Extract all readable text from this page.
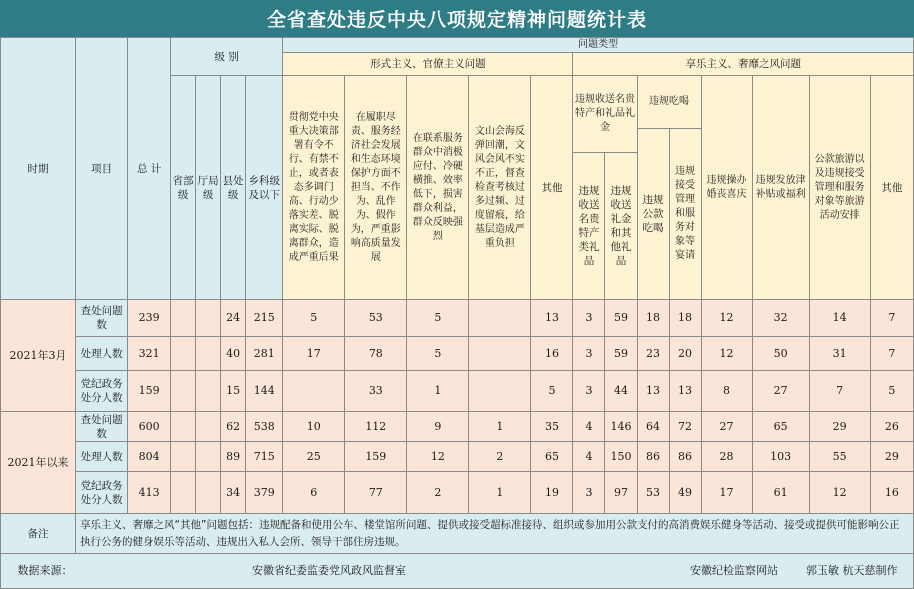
全省查处违反中央八项规定精神问题统计表
时期	项目	总 计	级 别				问题类型												
							形式主义、官僚主义问题					享乐主义、奢靡之风问题							
			省部级	厅局级	县处级	乡科级及以下	贯彻党中央重大决策部署有令不行、有禁不止，或者表态多调门高、行动少落实差、脱离实际、脱离群众，造成严重后果	在履职尽责、服务经济社会发展和生态环境保护方面不担当、不作为、乱作为、假作为，严重影响高质量发展	在联系服务群众中消极应付、冷硬横推、效率低下，损害群众利益，群众反映强烈	文山会海反弹回潮，文风会风不实不正，督查检查考核过多过频、过度留痕，给基层造成严重负担	其他	违规收送名贵特产和礼品礼金		违规吃喝		违规操办婚丧喜庆	违规发放津补贴或福利	公款旅游以及违规接受管理和服务对象等旅游活动安排	其他
														违规公款吃喝	违规接受管理和服务对象等宴请				
												违规收送名贵特产类礼品	违规收送礼金和其他礼品						
2021年3月	查处问题数	239			24	215	5	53	5		13	3	59	18	18	12	32	14	7
	处理人数	321			40	281	17	78	5		16	3	59	23	20	12	50	31	7
	党纪政务处分人数	159			15	144		33	1		5	3	44	13	13	8	27	7	5
2021年以来	查处问题数	600			62	538	10	112	9	1	35	4	146	64	72	27	65	29	26
	处理人数	804			89	715	25	159	12	2	65	4	150	86	86	28	103	55	29
	党纪政务处分人数	413			34	379	6	77	2	1	19	3	97	53	49	17	61	12	16
备注	享乐主义、奢靡之风“其他”问题包括：违规配备和使用公车、楼堂馆所问题、提供或接受超标准接待、组织或参加用公款支付的高消费娱乐健身等活动、接受或提供可能影响公正执行公务的健身娱乐等活动、违规出入私人会所、领导干部住房违规。																		

数据来源： 安徽省纪委监委党风政风监督室 安徽纪检监察网站 郭玉敏 杭天慈制作																			
